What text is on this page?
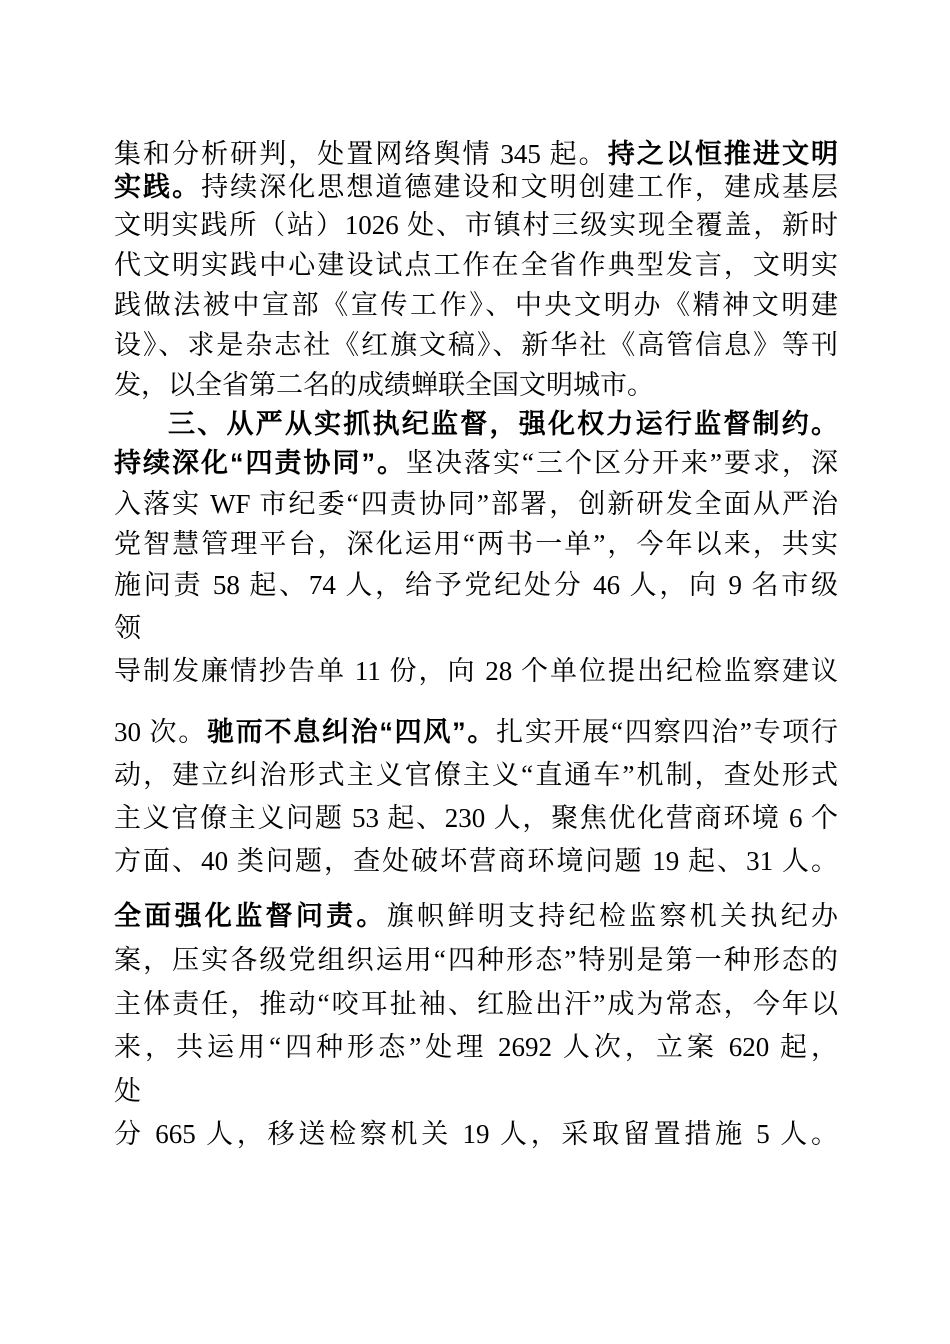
集和分析研判，处置网络舆情 345 起。持之以恒推进文明
实践。持续深化思想道德建设和文明创建工作，建成基层
文明实践所（站）1026 处、市镇村三级实现全覆盖，新时
代文明实践中心建设试点工作在全省作典型发言，文明实
践做法被中宣部《宣传工作》、中央文明办《精神文明建
设》、求是杂志社《红旗文稿》、新华社《高管信息》等刊
发，以全省第二名的成绩蝉联全国文明城市。
三、从严从实抓执纪监督，强化权力运行监督制约。
持续深化“四责协同”。坚决落实“三个区分开来”要求，深
入落实 WF 市纪委“四责协同”部署，创新研发全面从严治
党智慧管理平台，深化运用“两书一单”，今年以来，共实
施问责 58 起、74 人，给予党纪处分 46 人，向 9 名市级
领
导制发廉情抄告单 11 份，向 28 个单位提出纪检监察建议
30 次。驰而不息纠治“四风”。扎实开展“四察四治”专项行
动，建立纠治形式主义官僚主义“直通车”机制，查处形式
主义官僚主义问题 53 起、230 人，聚焦优化营商环境 6 个
方面、40 类问题，查处破坏营商环境问题 19 起、31 人。
全面强化监督问责。旗帜鲜明支持纪检监察机关执纪办
案，压实各级党组织运用“四种形态”特别是第一种形态的
主体责任，推动“咬耳扯袖、红脸出汗”成为常态，今年以
来，共运用“四种形态”处理 2692 人次，立案 620 起，
处
分 665 人，移送检察机关 19 人，采取留置措施 5 人。
